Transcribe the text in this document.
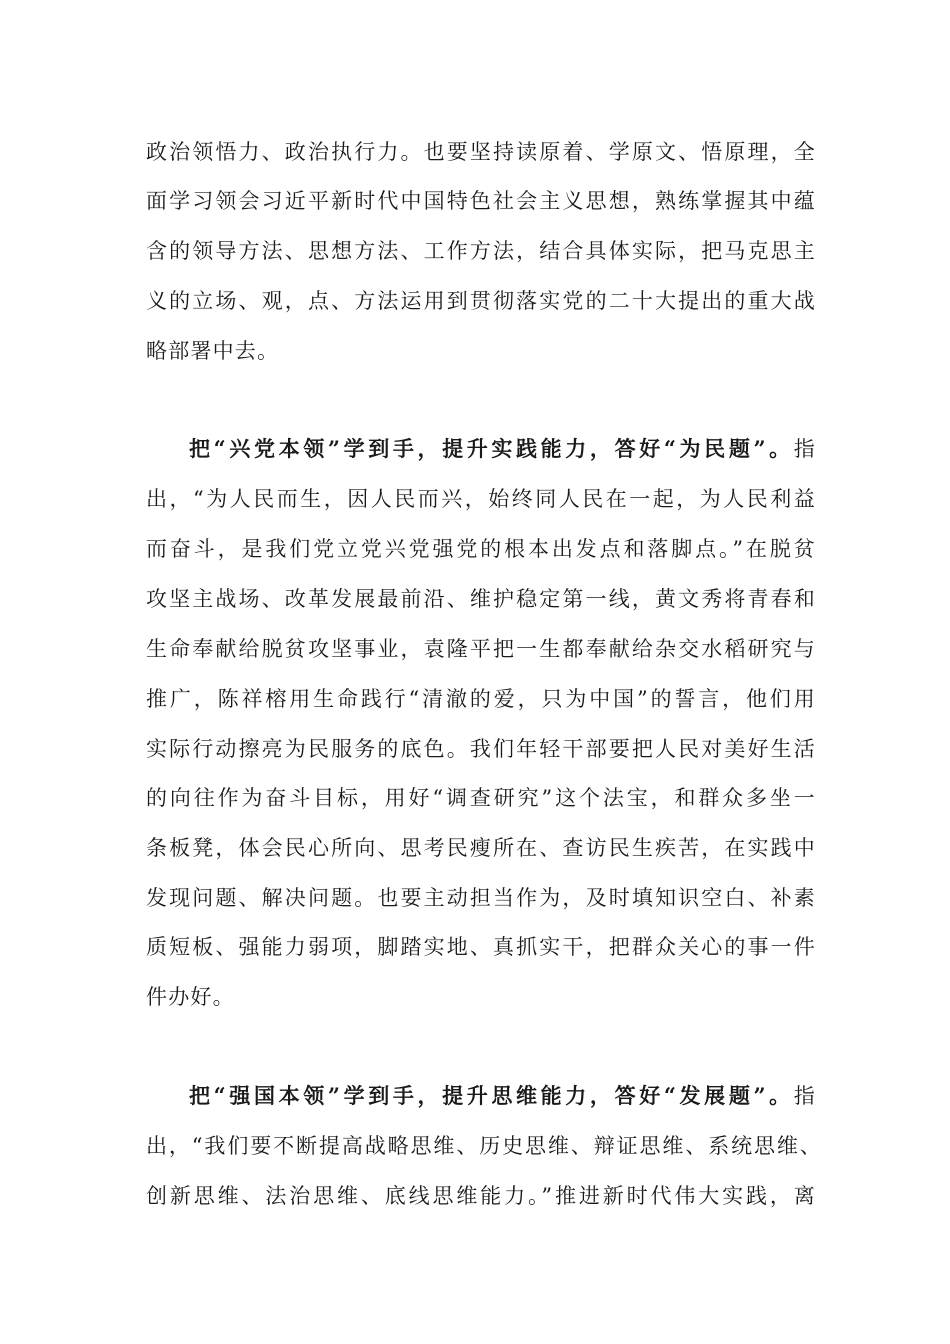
政治领悟力、政治执行力。也要坚持读原着、学原文、悟原理，全
面学习领会习近平新时代中国特色社会主义思想，熟练掌握其中蕴
含的领导方法、思想方法、工作方法，结合具体实际，把马克思主
义的立场、观，点、方法运用到贯彻落实党的二十大提出的重大战
略部署中去。
把“兴党本领”学到手，提升实践能力，答好“为民题”。指
出，“为人民而生，因人民而兴，始终同人民在一起，为人民利益
而奋斗，是我们党立党兴党强党的根本出发点和落脚点。”在脱贫
攻坚主战场、改革发展最前沿、维护稳定第一线，黄文秀将青春和
生命奉献给脱贫攻坚事业，袁隆平把一生都奉献给杂交水稻研究与
推广，陈祥榕用生命践行“清澈的爱，只为中国”的誓言，他们用
实际行动擦亮为民服务的底色。我们年轻干部要把人民对美好生活
的向往作为奋斗目标，用好“调查研究”这个法宝，和群众多坐一
条板凳，体会民心所向、思考民瘦所在、查访民生疾苦，在实践中
发现问题、解决问题。也要主动担当作为，及时填知识空白、补素
质短板、强能力弱项，脚踏实地、真抓实干，把群众关心的事一件
件办好。
把“强国本领”学到手，提升思维能力，答好“发展题”。指
出，“我们要不断提高战略思维、历史思维、辩证思维、系统思维、
创新思维、法治思维、底线思维能力。”推进新时代伟大实践，离
